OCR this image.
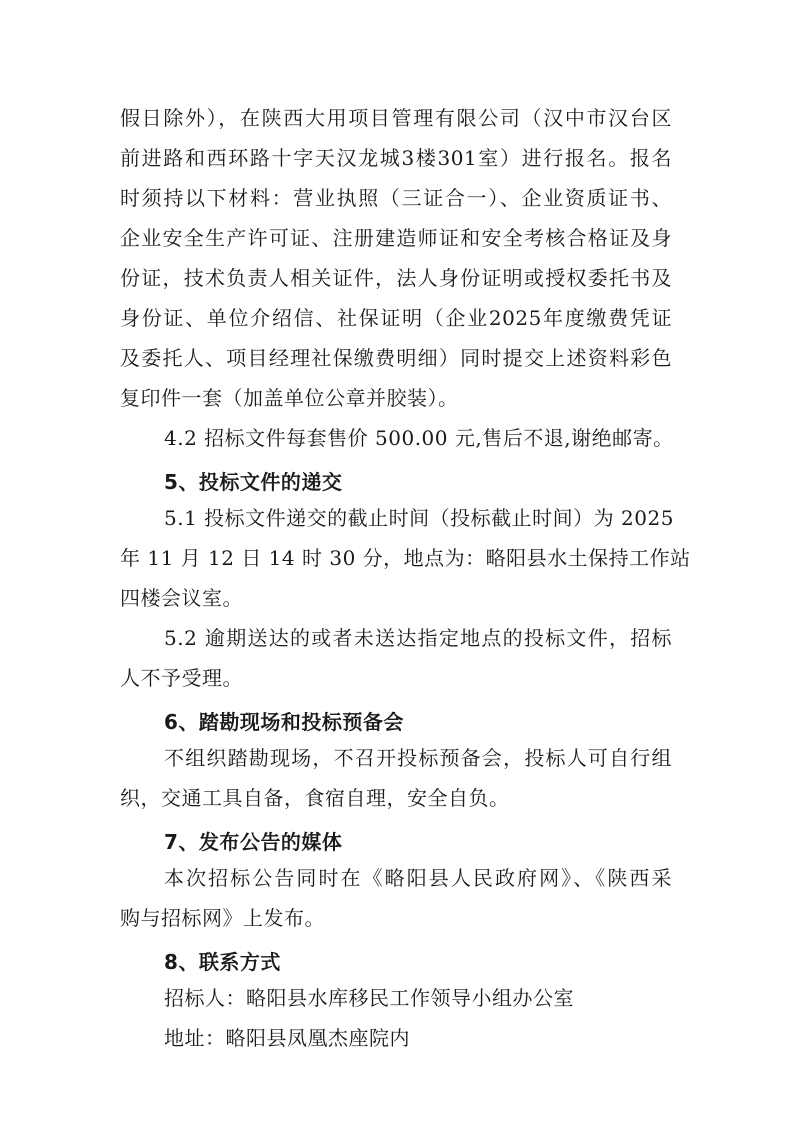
假日除外），在陕西大用项目管理有限公司（汉中市汉台区
前进路和西环路十字天汉龙城3楼301室）进行报名。报名
时须持以下材料：营业执照（三证合一）、企业资质证书、
企业安全生产许可证、注册建造师证和安全考核合格证及身
份证，技术负责人相关证件，法人身份证明或授权委托书及
身份证、单位介绍信、社保证明（企业2025年度缴费凭证
及委托人、项目经理社保缴费明细）同时提交上述资料彩色
复印件一套（加盖单位公章并胶装）。
4.2 招标文件每套售价 500.00 元,售后不退,谢绝邮寄。
5、投标文件的递交
5.1 投标文件递交的截止时间（投标截止时间）为 2025
年 11 月 12 日 14 时 30 分，地点为：略阳县水土保持工作站
四楼会议室。
5.2 逾期送达的或者未送达指定地点的投标文件，招标
人不予受理。
6、踏勘现场和投标预备会
不组织踏勘现场，不召开投标预备会，投标人可自行组
织，交通工具自备，食宿自理，安全自负。
7、发布公告的媒体
本次招标公告同时在《略阳县人民政府网》、《陕西采
购与招标网》上发布。
8、联系方式
招标人：略阳县水库移民工作领导小组办公室
地址：略阳县凤凰杰座院内
